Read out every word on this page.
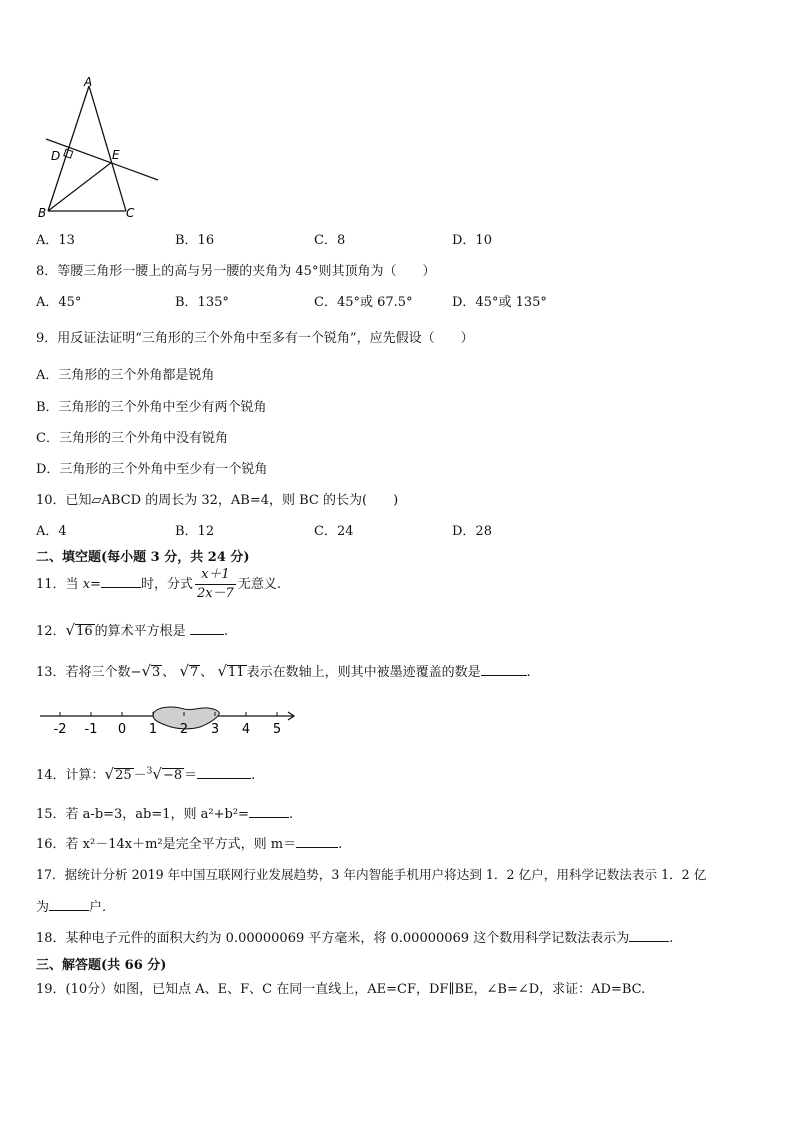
A
D	E
B	C
A．13	B．16	C．8	D．10
8．等腰三角形一腰上的高与另一腰的夹角为 45°则其顶角为（　　）
A．45°	B．135°	C．45°或 67.5°	D．45°或 135°
9．用反证法证明“三角形的三个外角中至多有一个锐角”，应先假设（　　）
A．三角形的三个外角都是锐角
B．三角形的三个外角中至少有两个锐角
C．三角形的三个外角中没有锐角
D．三角形的三个外角中至少有一个锐角
10．已知▱ABCD 的周长为 32，AB=4，则 BC 的长为(　　)
A．4	B．12	C．24	D．28
二、填空题(每小题 3 分，共 24 分)
11．当 x=	时，分式 $\frac{x+1}{2x-7}$ 无意义.
12．√16 的算术平方根是	.
13．若将三个数−√3 、 √7 、 √11 表示在数轴上，则其中被墨迹覆盖的数是	.
-2 -1 0 1 2 3 4 5
14．计算：√25 －$^3$√−8 ＝	.
15．若 a-b=3，ab=1，则 a²+b²=	.
16．若 x²－14x＋m²是完全平方式，则 m＝	.
17．据统计分析 2019 年中国互联网行业发展趋势，3 年内智能手机用户将达到 1．2 亿户，用科学记数法表示 1．2 亿
为	户.
18．某种电子元件的面积大约为 0.00000069 平方毫米，将 0.00000069 这个数用科学记数法表示为	.
三、解答题(共 66 分)
19．(10分）如图，已知点 A、E、F、C 在同一直线上，AE=CF，DF∥BE，∠B=∠D，求证：AD=BC.
